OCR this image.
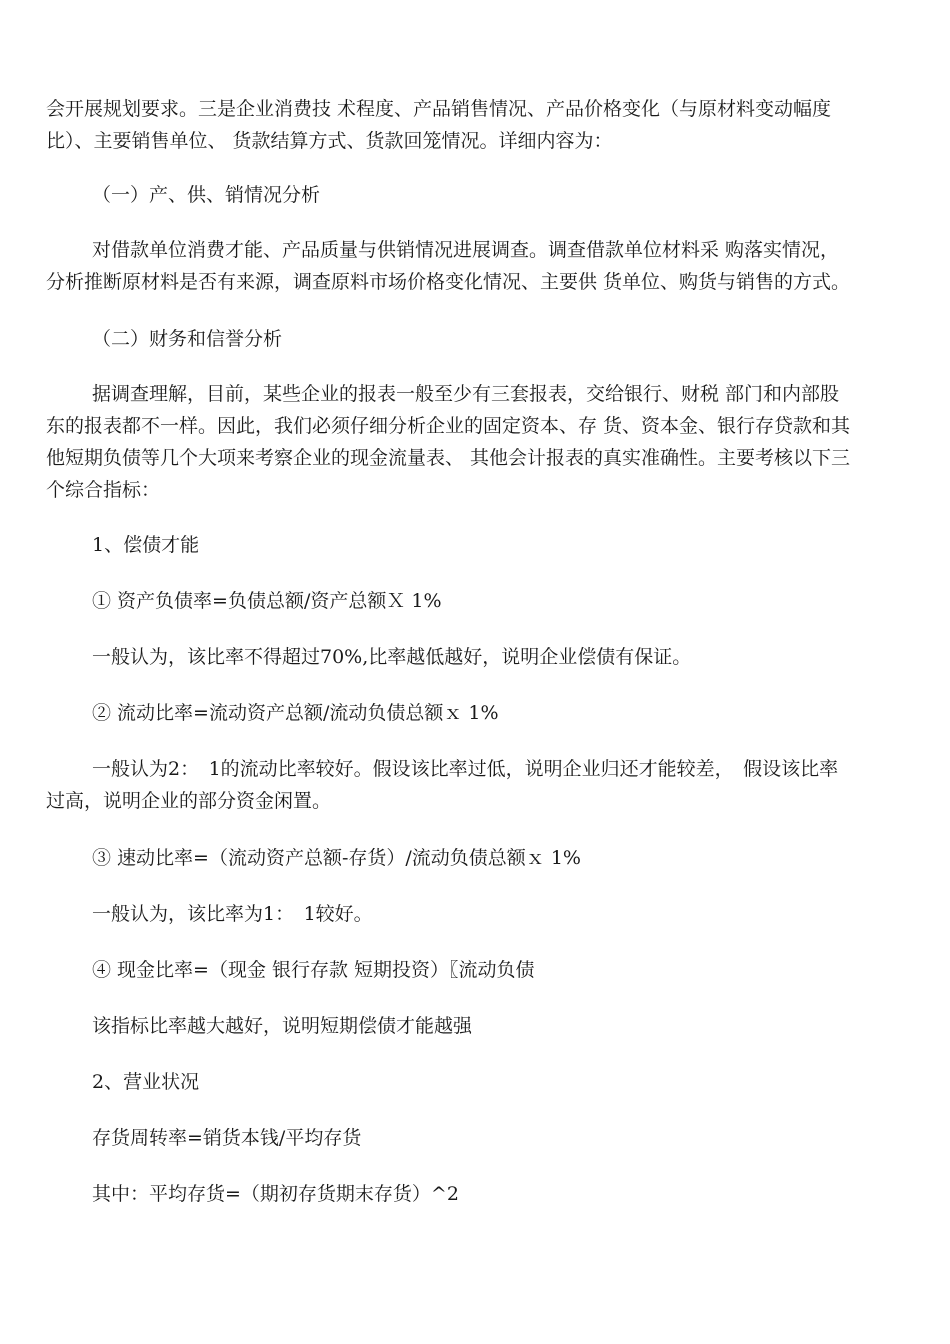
会开展规划要求。三是企业消费技 术程度、产品销售情况、产品价格变化（与原材料变动幅度
比）、主要销售单位、 货款结算方式、货款回笼情况。详细内容为：
（一）产、供、销情况分析
对借款单位消费才能、产品质量与供销情况进展调查。调查借款单位材料采 购落实情况，
分析推断原材料是否有来源，调查原料市场价格变化情况、主要供 货单位、购货与销售的方式。
（二）财务和信誉分析
据调查理解，目前，某些企业的报表一般至少有三套报表，交给银行、财税 部门和内部股
东的报表都不一样。因此，我们必须仔细分析企业的固定资本、存 货、资本金、银行存贷款和其
他短期负债等几个大项来考察企业的现金流量表、 其他会计报表的真实准确性。主要考核以下三
个综合指标：
1、偿债才能
① 资产负债率=负债总额/资产总额Ｘ 1%
一般认为，该比率不得超过70%,比率越低越好，说明企业偿债有保证。
② 流动比率=流动资产总额/流动负债总额ｘ 1%
一般认为2：　1的流动比率较好。假设该比率过低，说明企业归还才能较差，　假设该比率
过高，说明企业的部分资金闲置。
③ 速动比率=（流动资产总额-存货）/流动负债总额ｘ 1%
一般认为，该比率为1：　1较好。
④ 现金比率=（现金 银行存款 短期投资）〖流动负债
该指标比率越大越好，说明短期偿债才能越强
2、营业状况
存货周转率=销货本钱/平均存货
其中：平均存货=（期初存货期末存货）^2
